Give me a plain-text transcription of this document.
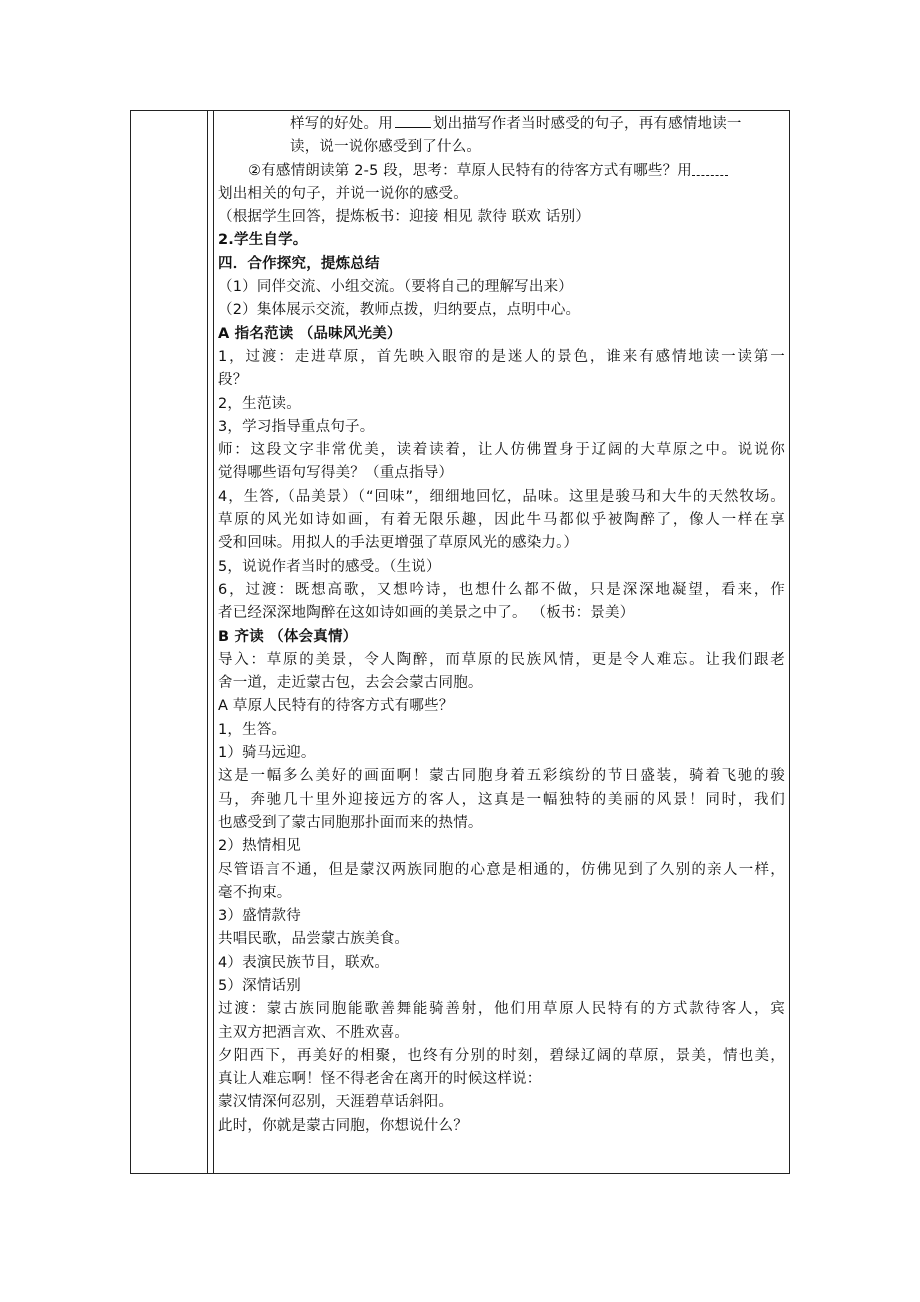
样写的好处。用	划出描写作者当时感受的句子，再有感情地读一
读，说一说你感受到了什么。
②有感情朗读第 2-5 段，思考：草原人民特有的待客方式有哪些？用
划出相关的句子，并说一说你的感受。
（根据学生回答，提炼板书：迎接 相见 款待 联欢 话别）
2.学生自学。
四．合作探究，提炼总结
（1）同伴交流、小组交流。（要将自己的理解写出来）
（2）集体展示交流，教师点拨，归纳要点，点明中心。
A 指名范读 （品味风光美）
1，过渡：走进草原，首先映入眼帘的是迷人的景色，谁来有感情地读一读第一
段？
2，生范读。
3，学习指导重点句子。
师：这段文字非常优美，读着读着，让人仿佛置身于辽阔的大草原之中。说说你
觉得哪些语句写得美？（重点指导）
4，生答,（品美景）（“回味”，细细地回忆，品味。这里是骏马和大牛的天然牧场。
草原的风光如诗如画，有着无限乐趣，因此牛马都似乎被陶醉了，像人一样在享
受和回味。用拟人的手法更增强了草原风光的感染力。）
5，说说作者当时的感受。（生说）
6，过渡：既想高歌，又想吟诗，也想什么都不做，只是深深地凝望，看来，作
者已经深深地陶醉在这如诗如画的美景之中了。 （板书：景美）
B 齐读 （体会真情）
导入：草原的美景，令人陶醉，而草原的民族风情，更是令人难忘。让我们跟老
舍一道，走近蒙古包，去会会蒙古同胞。
A 草原人民特有的待客方式有哪些？
1，生答。
1）骑马远迎。
这是一幅多么美好的画面啊！蒙古同胞身着五彩缤纷的节日盛装，骑着飞驰的骏
马，奔驰几十里外迎接远方的客人，这真是一幅独特的美丽的风景！同时，我们
也感受到了蒙古同胞那扑面而来的热情。
2）热情相见
尽管语言不通，但是蒙汉两族同胞的心意是相通的，仿佛见到了久别的亲人一样，
毫不拘束。
3）盛情款待
共唱民歌，品尝蒙古族美食。
4）表演民族节目，联欢。
5）深情话别
过渡：蒙古族同胞能歌善舞能骑善射，他们用草原人民特有的方式款待客人，宾
主双方把酒言欢、不胜欢喜。
夕阳西下，再美好的相聚，也终有分别的时刻，碧绿辽阔的草原，景美，情也美，
真让人难忘啊！怪不得老舍在离开的时候这样说：
蒙汉情深何忍别，天涯碧草话斜阳。
此时，你就是蒙古同胞，你想说什么？
